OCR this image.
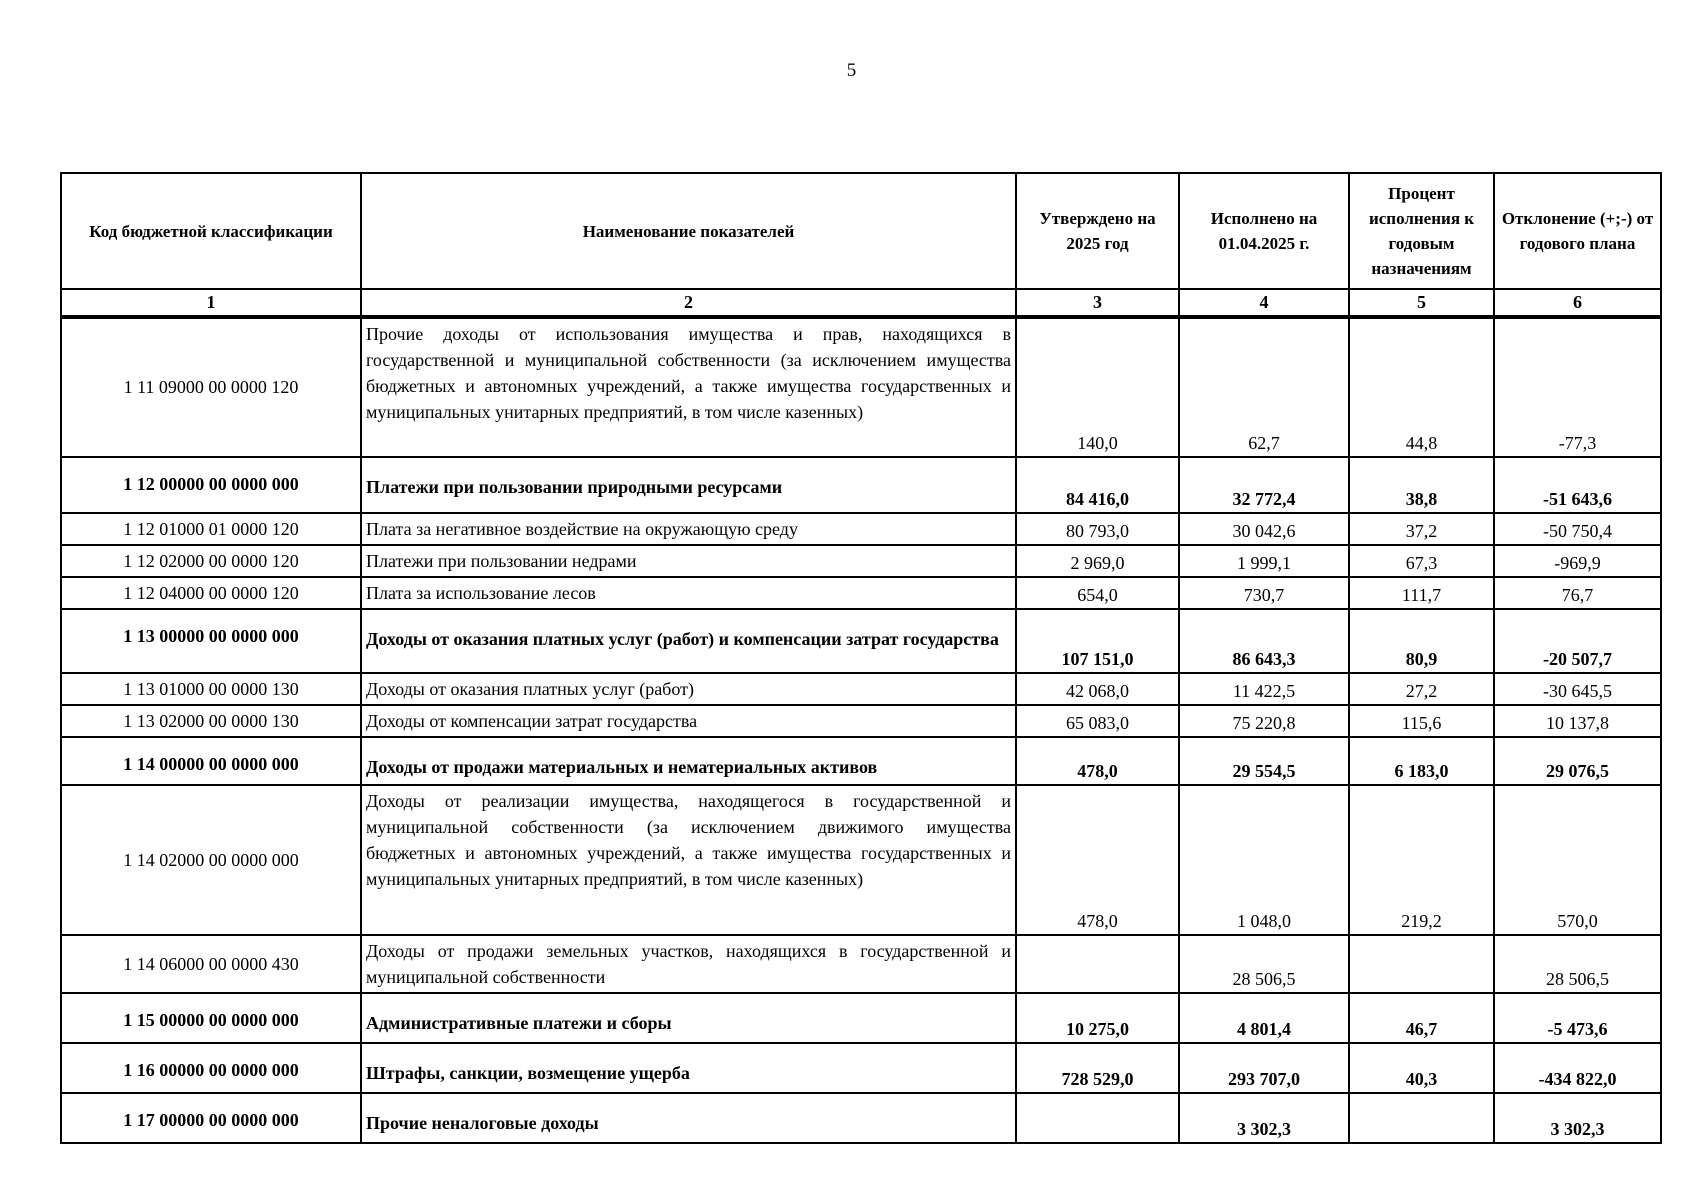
5
Код бюджетной классификации	Наименование показателей	Утверждено на 2025 год	Исполнено на 01.04.2025 г.	Процент исполнения к годовым назначениям	Отклонение (+;-) от годового плана
1	2	3	4	5	6
1 11 09000 00 0000 120	Прочие доходы от использования имущества и прав, находящихся в государственной и муниципальной собственности (за исключением имущества бюджетных и автономных учреждений, а также имущества государственных и муниципальных унитарных предприятий, в том числе казенных)	140,0	62,7	44,8	-77,3
1 12 00000 00 0000 000	Платежи при пользовании природными ресурсами	84 416,0	32 772,4	38,8	-51 643,6
1 12 01000 01 0000 120	Плата за негативное воздействие на окружающую среду	80 793,0	30 042,6	37,2	-50 750,4
1 12 02000 00 0000 120	Платежи при пользовании недрами	2 969,0	1 999,1	67,3	-969,9
1 12 04000 00 0000 120	Плата за использование лесов	654,0	730,7	111,7	76,7
1 13 00000 00 0000 000	Доходы от оказания платных услуг (работ) и компенсации затрат государства	107 151,0	86 643,3	80,9	-20 507,7
1 13 01000 00 0000 130	Доходы от оказания платных услуг (работ)	42 068,0	11 422,5	27,2	-30 645,5
1 13 02000 00 0000 130	Доходы от компенсации затрат государства	65 083,0	75 220,8	115,6	10 137,8
1 14 00000 00 0000 000	Доходы от продажи материальных и нематериальных активов	478,0	29 554,5	6 183,0	29 076,5
1 14 02000 00 0000 000	Доходы от реализации имущества, находящегося в государственной и муниципальной собственности (за исключением движимого имущества бюджетных и автономных учреждений, а также имущества государственных и муниципальных унитарных предприятий, в том числе казенных)	478,0	1 048,0	219,2	570,0
1 14 06000 00 0000 430	Доходы от продажи земельных участков, находящихся в государственной и муниципальной собственности		28 506,5		28 506,5
1 15 00000 00 0000 000	Административные платежи и сборы	10 275,0	4 801,4	46,7	-5 473,6
1 16 00000 00 0000 000	Штрафы, санкции, возмещение ущерба	728 529,0	293 707,0	40,3	-434 822,0
1 17 00000 00 0000 000	Прочие неналоговые доходы		3 302,3		3 302,3
